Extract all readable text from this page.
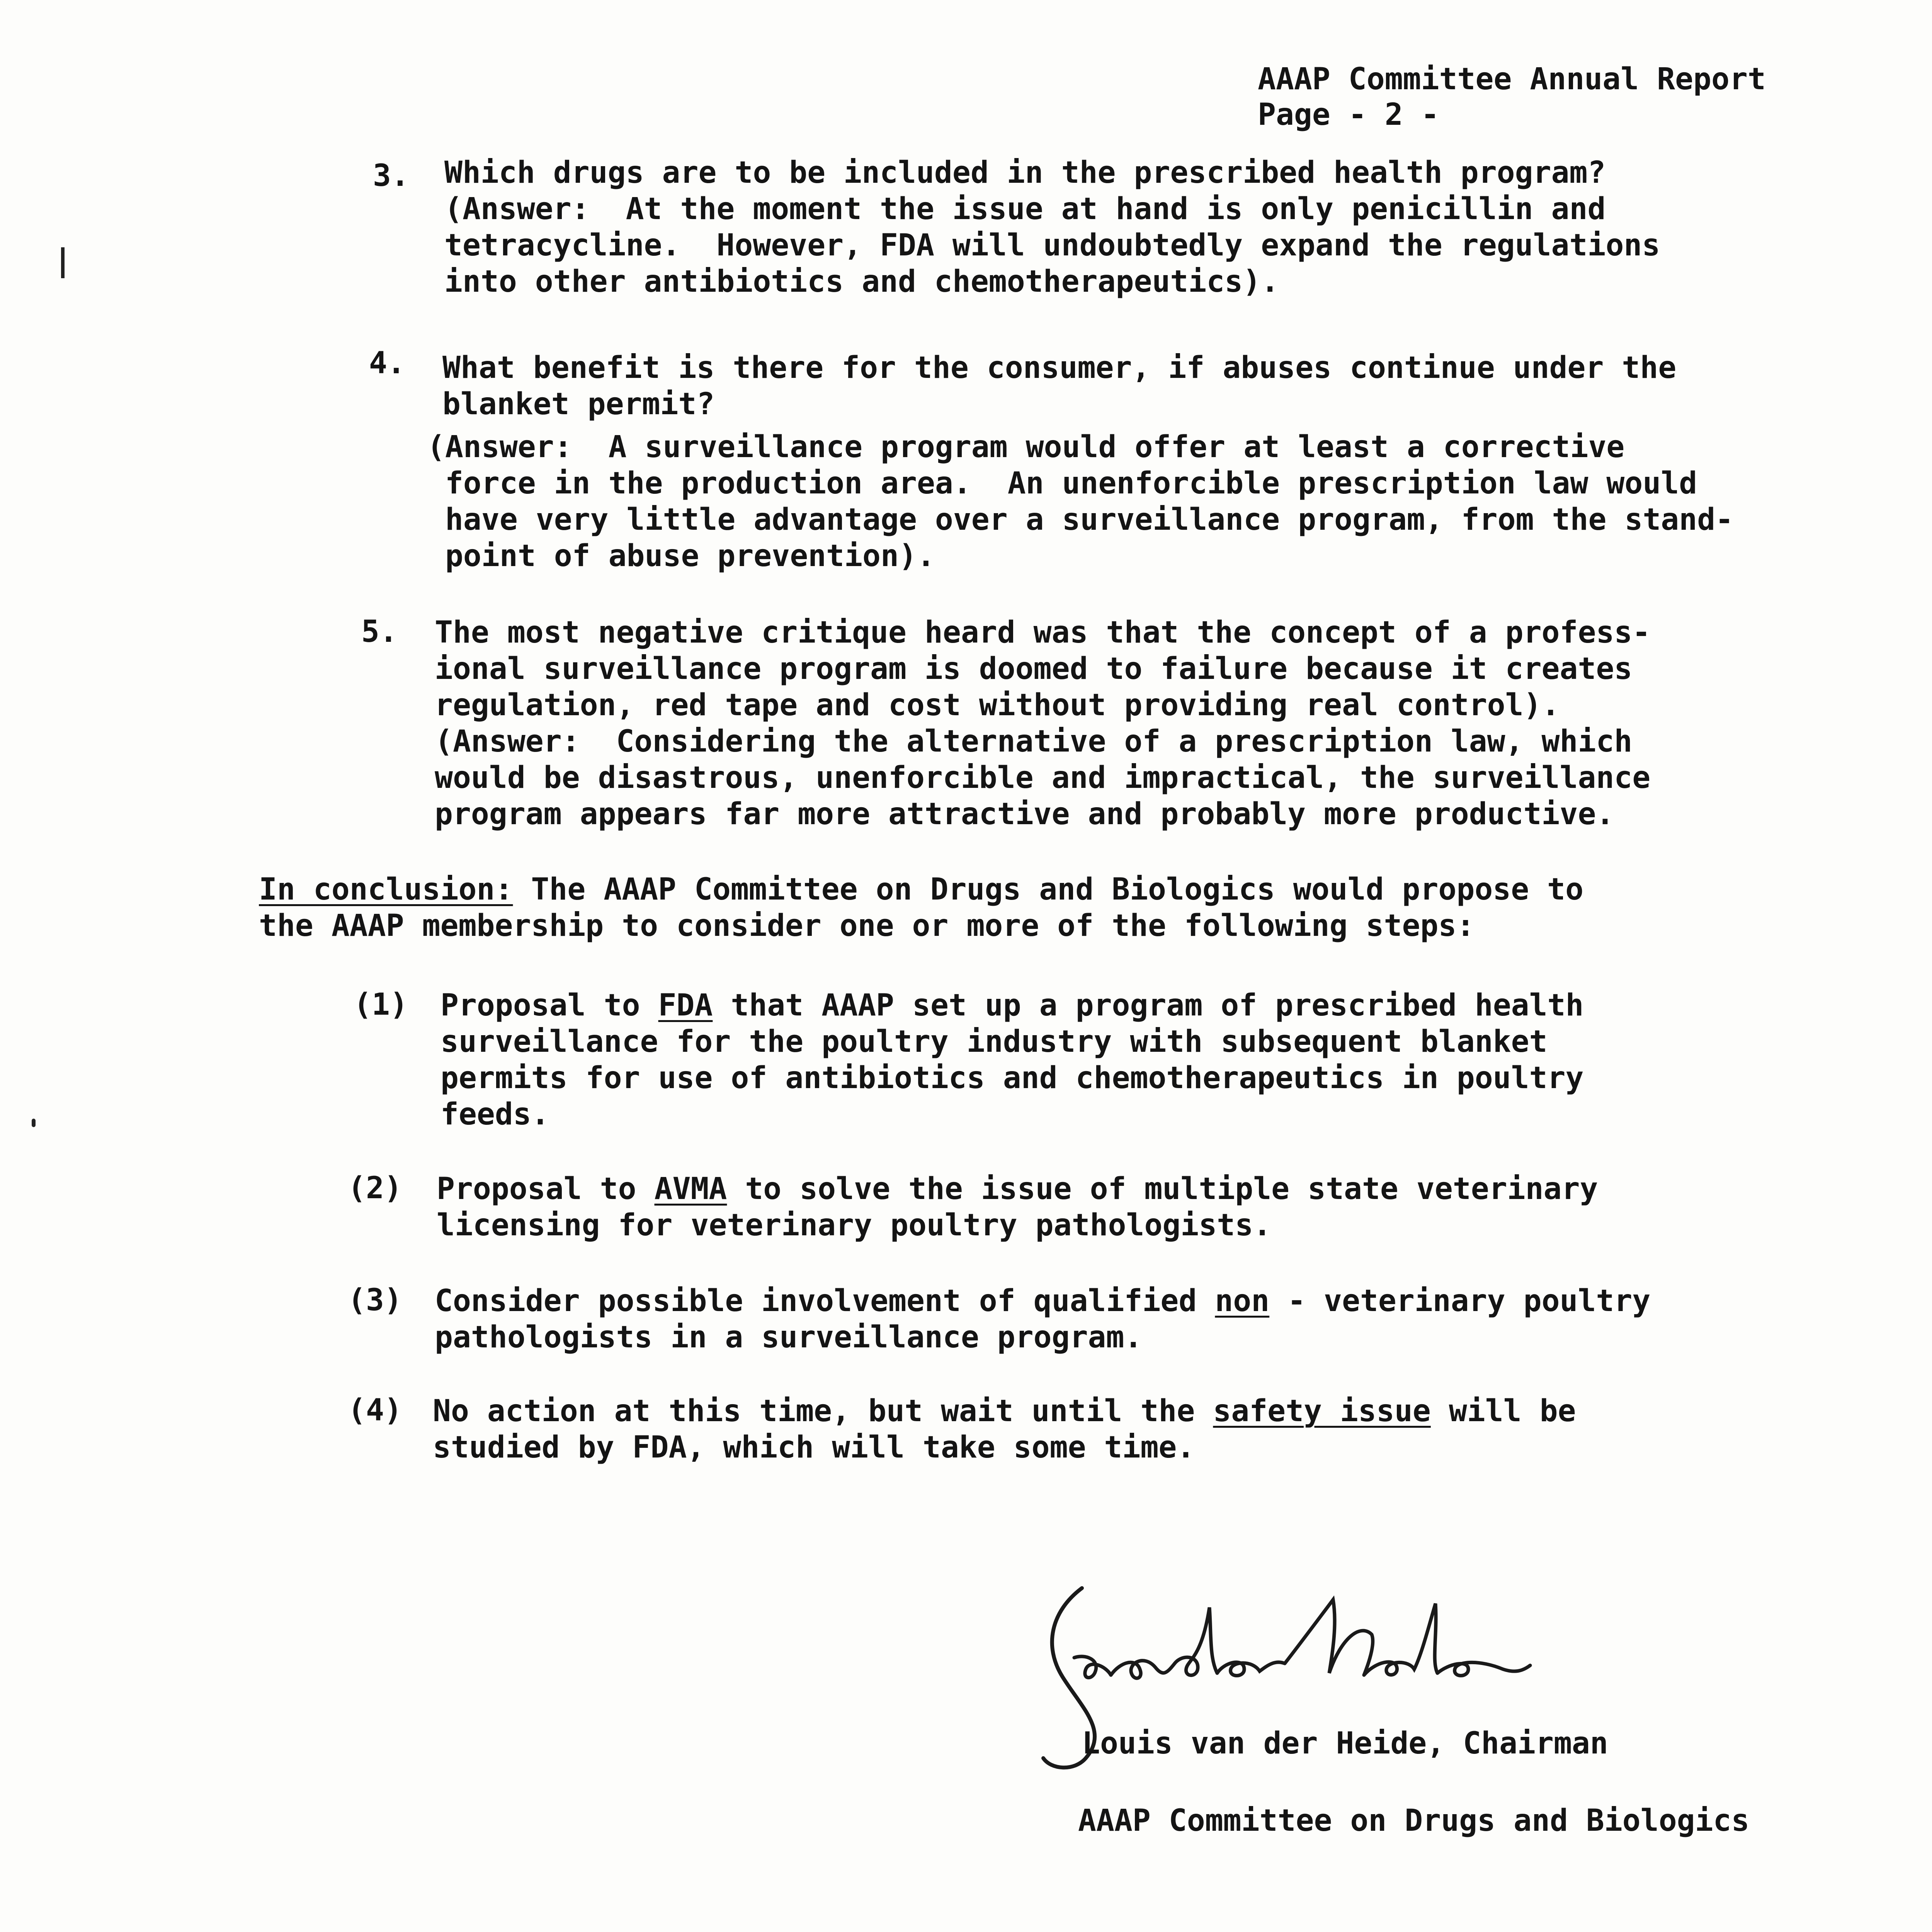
AAAP Committee Annual Report
Page - 2 -
3. Which drugs are to be included in the prescribed health program?
(Answer:  At the moment the issue at hand is only penicillin and
tetracycline.  However, FDA will undoubtedly expand the regulations
into other antibiotics and chemotherapeutics).
4. What benefit is there for the consumer, if abuses continue under the
blanket permit?
(Answer:  A surveillance program would offer at least a corrective
force in the production area.  An unenforcible prescription law would
have very little advantage over a surveillance program, from the stand-
point of abuse prevention).
5. The most negative critique heard was that the concept of a profess-
ional surveillance program is doomed to failure because it creates
regulation, red tape and cost without providing real control).
(Answer:  Considering the alternative of a prescription law, which
would be disastrous, unenforcible and impractical, the surveillance
program appears far more attractive and probably more productive.
In conclusion: The AAAP Committee on Drugs and Biologics would propose to
the AAAP membership to consider one or more of the following steps:
(1) Proposal to FDA that AAAP set up a program of prescribed health
surveillance for the poultry industry with subsequent blanket
permits for use of antibiotics and chemotherapeutics in poultry
feeds.
(2) Proposal to AVMA to solve the issue of multiple state veterinary
licensing for veterinary poultry pathologists.
(3) Consider possible involvement of qualified non - veterinary poultry
pathologists in a surveillance program.
(4) No action at this time, but wait until the safety issue will be
studied by FDA, which will take some time.
Louis van der Heide, Chairman
AAAP Committee on Drugs and Biologics
